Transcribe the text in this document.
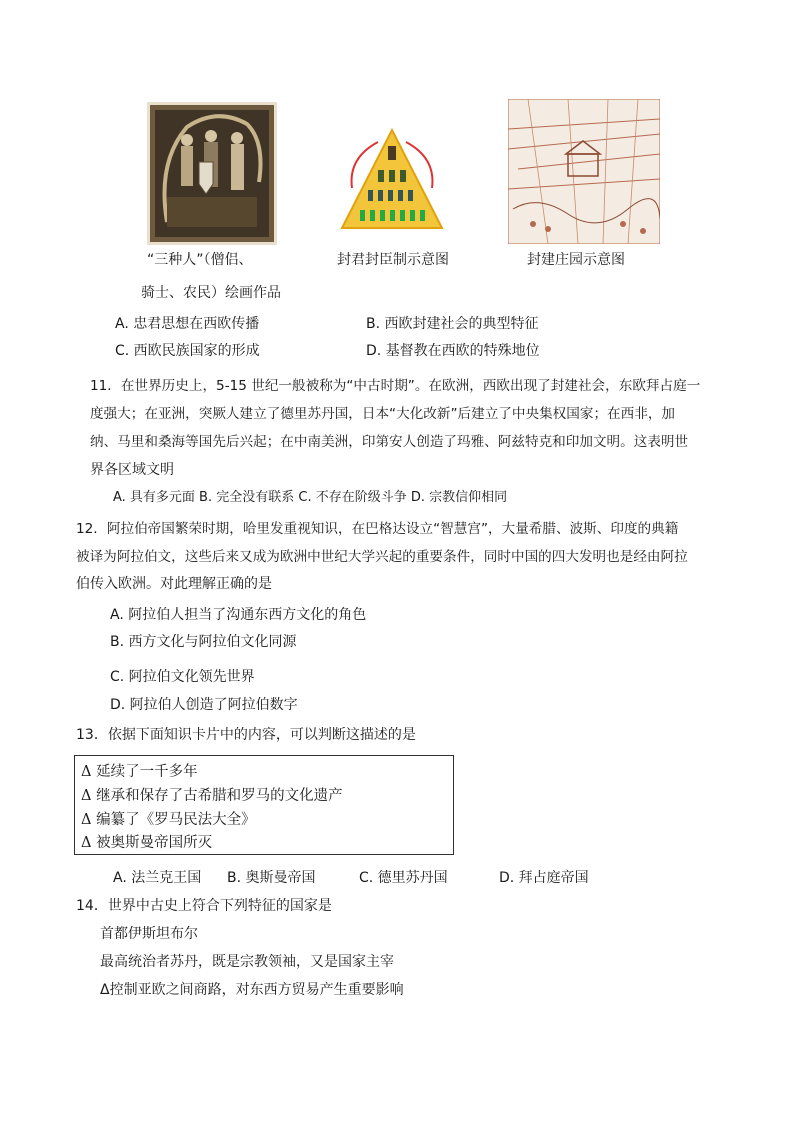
“三种人”（僧侣、
骑士、农民）绘画作品
封君封臣制示意图	封建庄园示意图
A. 忠君思想在西欧传播	B. 西欧封建社会的典型特征
C. 西欧民族国家的形成	D. 基督教在西欧的特殊地位
11．在世界历史上，5-15 世纪一般被称为“中古时期”。在欧洲，西欧出现了封建社会，东欧拜占庭一
度强大；在亚洲，突厥人建立了德里苏丹国，日本“大化改新”后建立了中央集权国家；在西非，加
纳、马里和桑海等国先后兴起；在中南美洲，印第安人创造了玛雅、阿兹特克和印加文明。这表明世
界各区域文明
A. 具有多元面 B. 完全没有联系 C. 不存在阶级斗争 D. 宗教信仰相同
12．阿拉伯帝国繁荣时期，哈里发重视知识，在巴格达设立“智慧宫”，大量希腊、波斯、印度的典籍
被译为阿拉伯文，这些后来又成为欧洲中世纪大学兴起的重要条件，同时中国的四大发明也是经由阿拉
伯传入欧洲。对此理解正确的是
A. 阿拉伯人担当了沟通东西方文化的角色
B. 西方文化与阿拉伯文化同源
C. 阿拉伯文化领先世界
D. 阿拉伯人创造了阿拉伯数字
13．依据下面知识卡片中的内容，可以判断这描述的是
Δ 延续了一千多年
Δ 继承和保存了古希腊和罗马的文化遗产
Δ 编纂了《罗马民法大全》
Δ 被奥斯曼帝国所灭
A. 法兰克王国 B. 奥斯曼帝国	C. 德里苏丹国	D. 拜占庭帝国
14．世界中古史上符合下列特征的国家是
首都伊斯坦布尔
最高统治者苏丹，既是宗教领袖，又是国家主宰
Δ控制亚欧之间商路，对东西方贸易产生重要影响
